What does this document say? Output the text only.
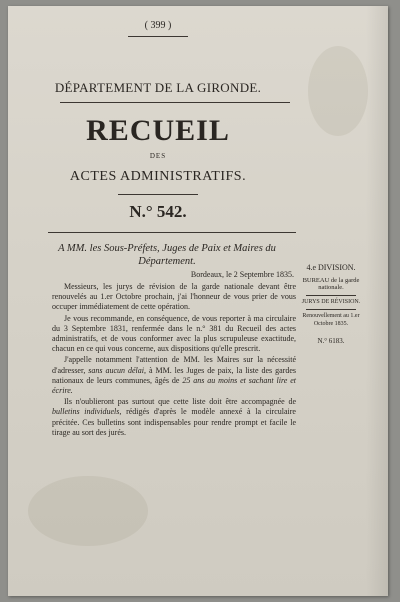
( 399 )
DÉPARTEMENT DE LA GIRONDE.
RECUEIL
DES
ACTES ADMINISTRATIFS.
N.° 542.
A MM. les Sous-Préfets, Juges de Paix et Maires du Département.
Bordeaux, le 2 Septembre 1835.

Messieurs, les jurys de révision de la garde nationale devant être renouvelés au 1.er Octobre prochain, j'ai l'honneur de vous prier de vous occuper immédiatement de cette opération.

Je vous recommande, en conséquence, de vous reporter à ma circulaire du 3 Septembre 1831, renfermée dans le n.° 381 du Recueil des actes administratifs, et de vous conformer avec la plus scrupuleuse exactitude, chacun en ce qui vous concerne, aux dispositions qu'elle prescrit.

J'appelle notamment l'attention de MM. les Maires sur la nécessité d'adresser, sans aucun délai, à MM. les Juges de paix, la liste des gardes nationaux de leurs communes, âgés de 25 ans au moins et sachant lire et écrire.

Ils n'oublieront pas surtout que cette liste doit être accompagnée de bulletins individuels, rédigés d'après le modèle annexé à la circulaire précitée. Ces bulletins sont indispensables pour rendre prompt et facile le tirage au sort des jurés.

4.e DIVISION.
BUREAU de la garde nationale.
JURYS DE RÉVISION.
Renouvellement au 1.er Octobre 1835.
N.° 6183.
